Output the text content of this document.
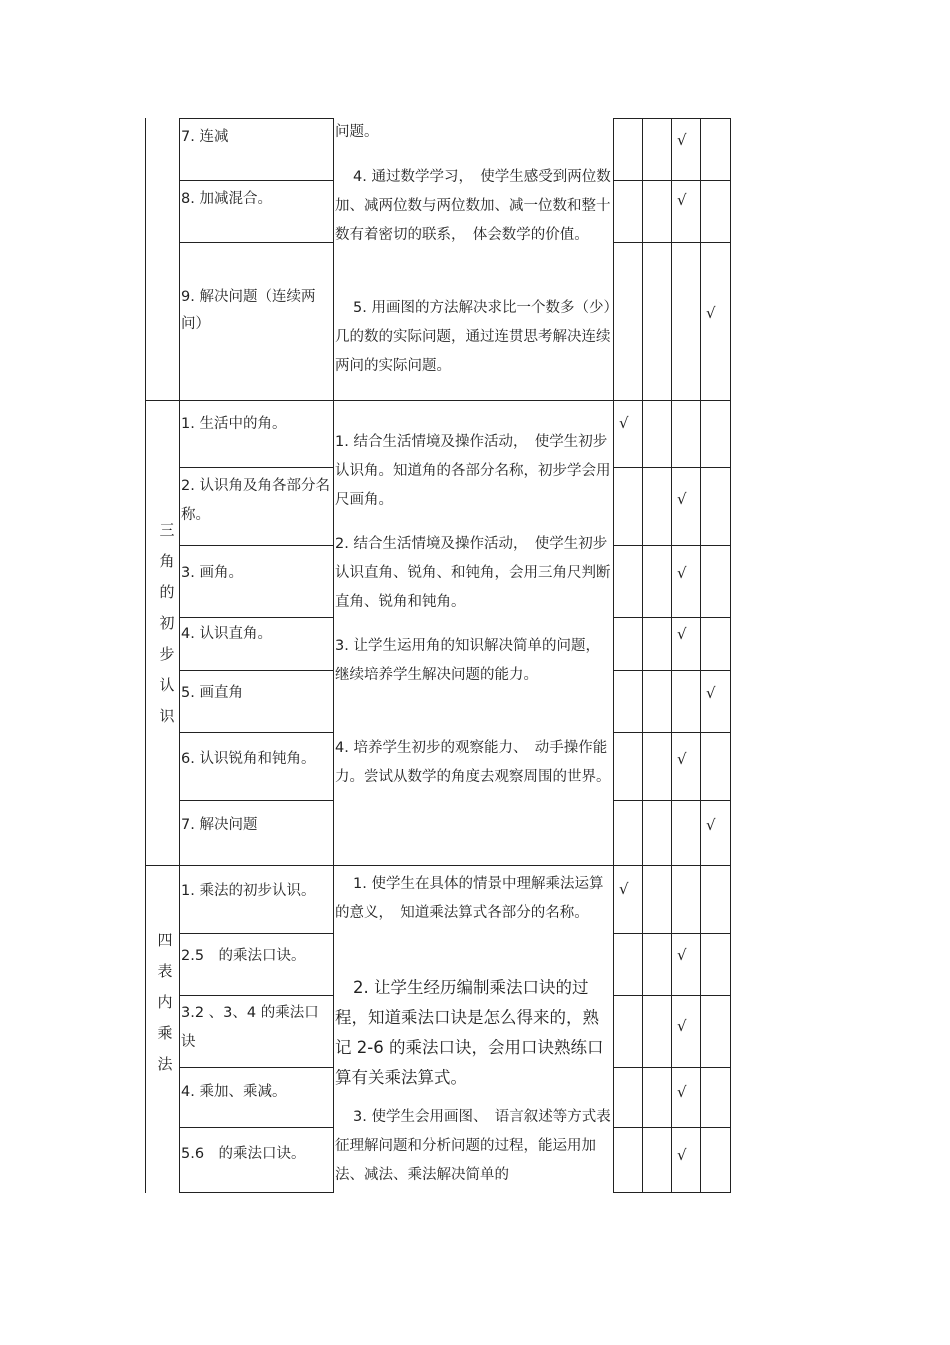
7. 连减
8. 加减混合。
9. 解决问题（连续两问）
问题。
4. 通过数学学习，　使学生感受到两位数加、减两位数与两位数加、减一位数和整十数有着密切的联系，　体会数学的价值。
5. 用画图的方法解决求比一个数多（少）几的数的实际问题，通过连贯思考解决连续两问的实际问题。
√
√
√
三
角
的
初
步
认
识
1. 生活中的角。
2. 认识角及角各部分名称。
3. 画角。
4. 认识直角。
5. 画直角
6. 认识锐角和钝角。
7. 解决问题
1. 结合生活情境及操作活动，　使学生初步认识角。知道角的各部分名称，初步学会用尺画角。
2. 结合生活情境及操作活动，　使学生初步认识直角、锐角、和钝角，会用三角尺判断直角、锐角和钝角。
3. 让学生运用角的知识解决简单的问题，继续培养学生解决问题的能力。
4. 培养学生初步的观察能力、　动手操作能力。尝试从数学的角度去观察周围的世界。
√
√
√
√
√
√
√
四
表
内
乘
法
1. 乘法的初步认识。
2.5　的乘法口诀。
3.2 、3、4 的乘法口诀
4. 乘加、乘减。
5.6　的乘法口诀。
1. 使学生在具体的情景中理解乘法运算的意义，　知道乘法算式各部分的名称。
2. 让学生经历编制乘法口诀的过程，知道乘法口诀是怎么得来的，熟记 2-6 的乘法口诀，会用口诀熟练口算有关乘法算式。
3. 使学生会用画图、　语言叙述等方式表征理解问题和分析问题的过程，能运用加法、减法、乘法解决简单的
√
√
√
√
√
